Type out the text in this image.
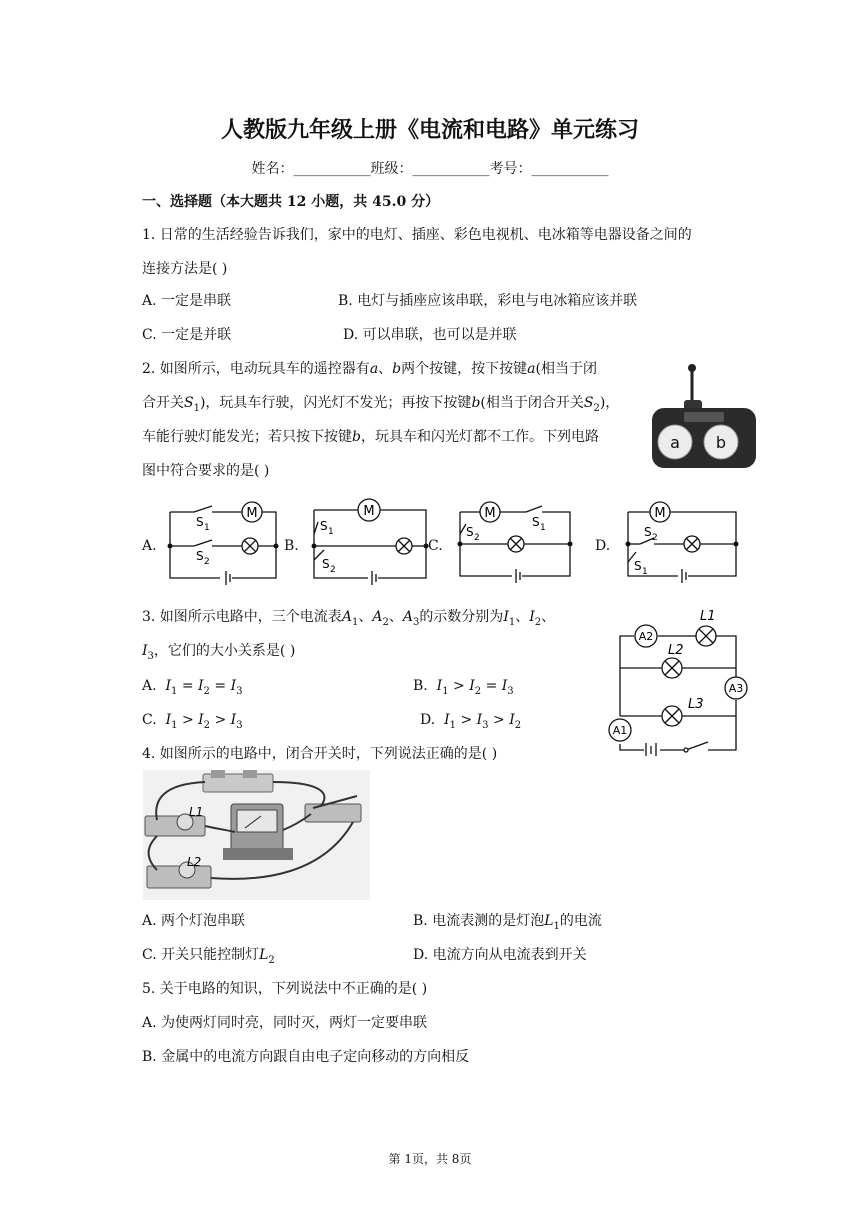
人教版九年级上册《电流和电路》单元练习
姓名：___________班级：___________考号：___________
一、选择题（本大题共 12 小题，共 45.0 分）
1. 日常的生活经验告诉我们，家中的电灯、插座、彩色电视机、电冰箱等电器设备之间的
连接方法是( )
A. 一定是串联	B. 电灯与插座应该串联，彩电与电冰箱应该并联
C. 一定是并联	D. 可以串联，也可以是并联
2. 如图所示，电动玩具车的遥控器有a、b两个按键，按下按键a(相当于闭
合开关$S_1$)，玩具车行驶，闪光灯不发光；再按下按键b(相当于闭合开关$S_2$)，
车能行驶灯能发光；若只按下按键b，玩具车和闪光灯都不工作。下列电路
图中符合要求的是( )
a b
A.	B.	C.	D.
M
S 1
S 2
M
S 1
S 2
M
S 2
S 1
M
S 2
S 1
3. 如图所示电路中，三个电流表$A_1$、$A_2$、$A_3$的示数分别为$I_1$、$I_2$、
$I_3$，它们的大小关系是( )
A. $I_1 = I_2 = I_3$	B. $I_1 > I_2 = I_3$
C. $I_1 > I_2 > I_3$	D. $I_1 > I_3 > I_2$
A2
A3
A1
L1
L2
L3
4. 如图所示的电路中，闭合开关时，下列说法正确的是( )
L1
L2
A. 两个灯泡串联	B. 电流表测的是灯泡$L_1$的电流
C. 开关只能控制灯$L_2$	D. 电流方向从电流表到开关
5. 关于电路的知识，下列说法中不正确的是( )
A. 为使两灯同时亮，同时灭，两灯一定要串联
B. 金属中的电流方向跟自由电子定向移动的方向相反
第 1页，共 8页
